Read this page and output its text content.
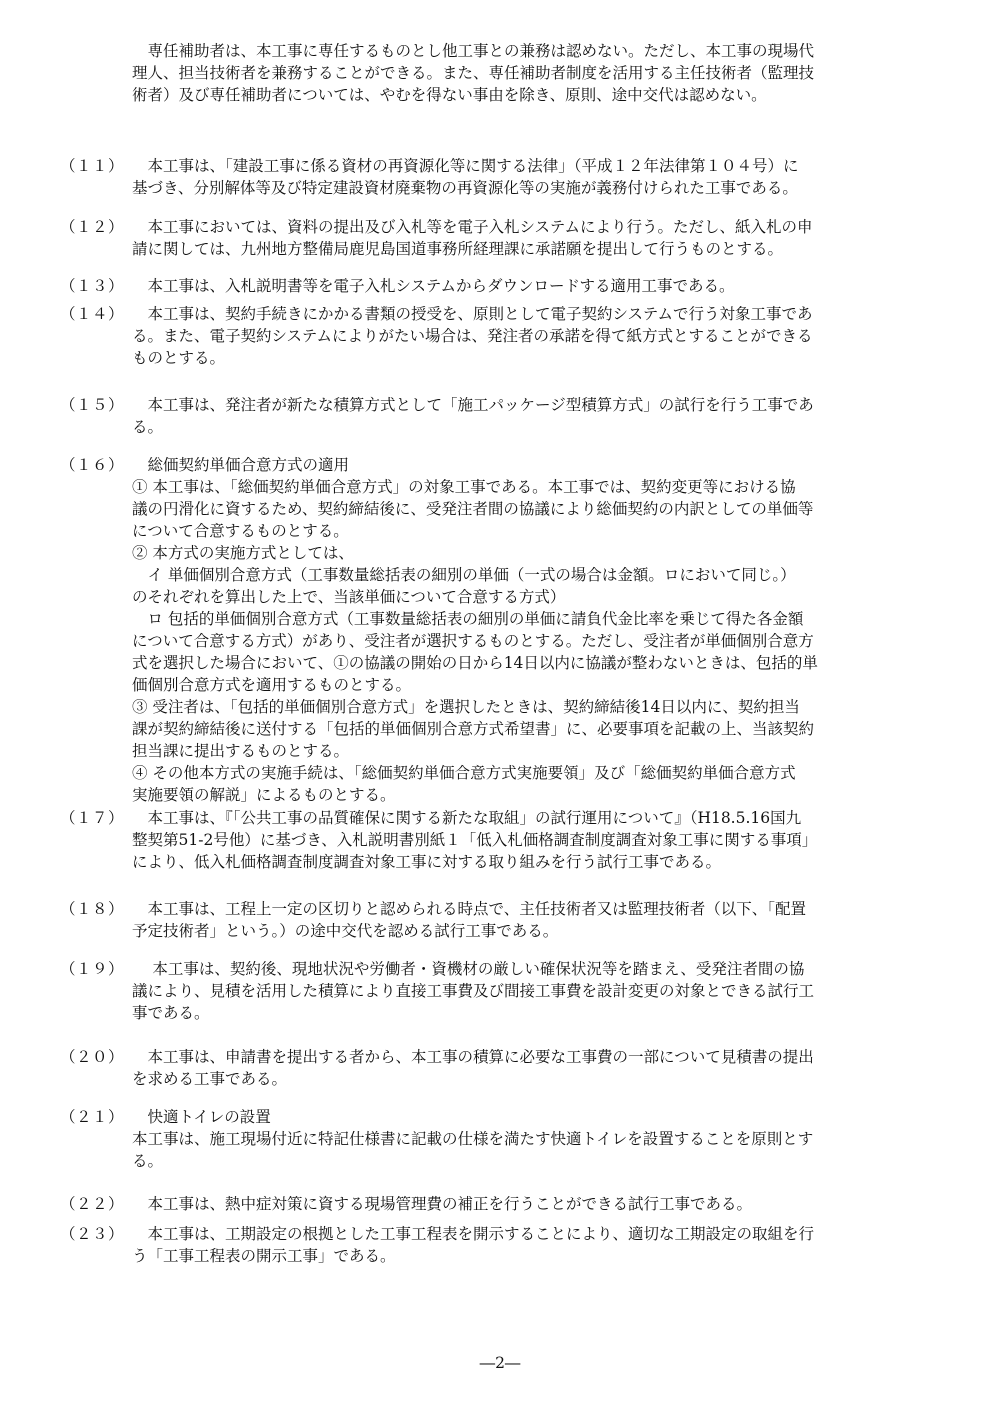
　専任補助者は、本工事に専任するものとし他工事との兼務は認めない。ただし、本工事の現場代
理人、担当技術者を兼務することができる。また、専任補助者制度を活用する主任技術者（監理技
術者）及び専任補助者については、やむを得ない事由を除き、原則、途中交代は認めない。
（１１） 　本工事は、「建設工事に係る資材の再資源化等に関する法律」（平成１２年法律第１０４号）に
基づき、分別解体等及び特定建設資材廃棄物の再資源化等の実施が義務付けられた工事である。
（１２） 　本工事においては、資料の提出及び入札等を電子入札システムにより行う。ただし、紙入札の申
請に関しては、九州地方整備局鹿児島国道事務所経理課に承諾願を提出して行うものとする。
（１３） 　本工事は、入札説明書等を電子入札システムからダウンロードする適用工事である。
（１４） 　本工事は、契約手続きにかかる書類の授受を、原則として電子契約システムで行う対象工事であ
る。また、電子契約システムによりがたい場合は、発注者の承諾を得て紙方式とすることができる
ものとする。
（１５） 　本工事は、発注者が新たな積算方式として「施工パッケージ型積算方式」の試行を行う工事であ
る。
（１６） 　総価契約単価合意方式の適用
① 本工事は、「総価契約単価合意方式」の対象工事である。本工事では、契約変更等における協
議の円滑化に資するため、契約締結後に、受発注者間の協議により総価契約の内訳としての単価等
について合意するものとする。
② 本方式の実施方式としては、
　イ 単価個別合意方式（工事数量総括表の細別の単価（一式の場合は金額。ロにおいて同じ。）
のそれぞれを算出した上で、当該単価について合意する方式）
　ロ 包括的単価個別合意方式（工事数量総括表の細別の単価に請負代金比率を乗じて得た各金額
について合意する方式）があり、受注者が選択するものとする。ただし、受注者が単価個別合意方
式を選択した場合において、①の協議の開始の日から14日以内に協議が整わないときは、包括的単
価個別合意方式を適用するものとする。
③ 受注者は、「包括的単価個別合意方式」を選択したときは、契約締結後14日以内に、契約担当
課が契約締結後に送付する「包括的単価個別合意方式希望書」に、必要事項を記載の上、当該契約
担当課に提出するものとする。
④ その他本方式の実施手続は、「総価契約単価合意方式実施要領」及び「総価契約単価合意方式
実施要領の解説」によるものとする。
（１７） 　本工事は、『「公共工事の品質確保に関する新たな取組」の試行運用について』（H18.5.16国九
整契第51-2号他）に基づき、入札説明書別紙１「低入札価格調査制度調査対象工事に関する事項」
により、低入札価格調査制度調査対象工事に対する取り組みを行う試行工事である。
（１８） 　本工事は、工程上一定の区切りと認められる時点で、主任技術者又は監理技術者（以下、「配置
予定技術者」という。）の途中交代を認める試行工事である。
（１９） 　 本工事は、契約後、現地状況や労働者・資機材の厳しい確保状況等を踏まえ、受発注者間の協
議により、見積を活用した積算により直接工事費及び間接工事費を設計変更の対象とできる試行工
事である。
（２０） 　本工事は、申請書を提出する者から、本工事の積算に必要な工事費の一部について見積書の提出
を求める工事である。
（２１） 　快適トイレの設置
本工事は、施工現場付近に特記仕様書に記載の仕様を満たす快適トイレを設置することを原則とす
る。
（２２） 　本工事は、熱中症対策に資する現場管理費の補正を行うことができる試行工事である。
（２３） 　本工事は、工期設定の根拠とした工事工程表を開示することにより、適切な工期設定の取組を行
う「工事工程表の開示工事」である。
―2―
